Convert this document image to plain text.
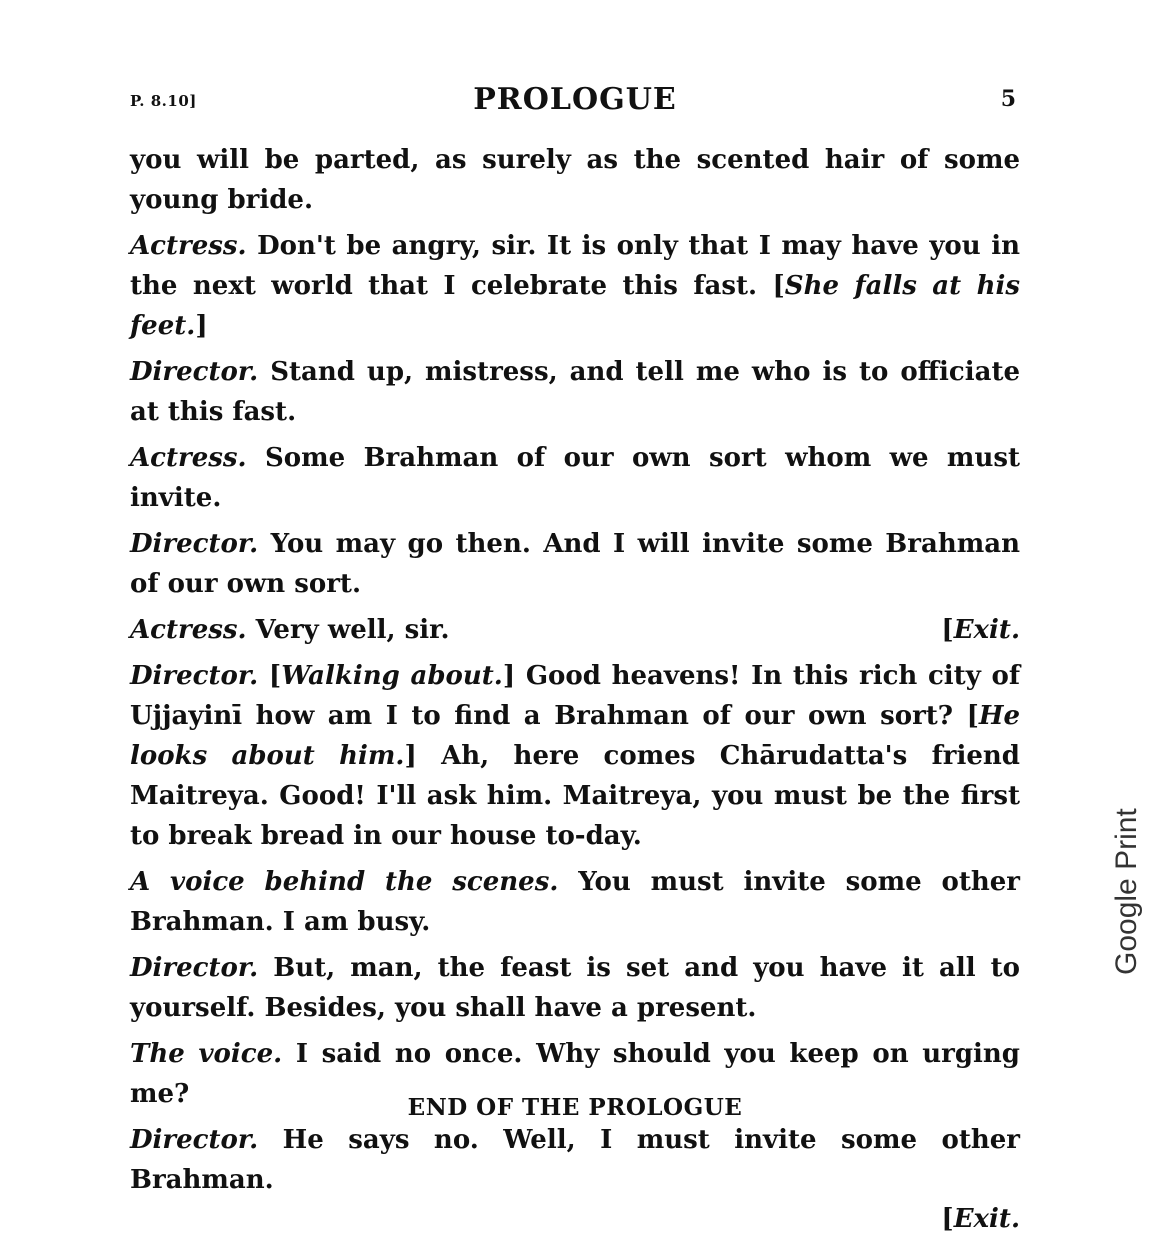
P. 8.10]	PROLOGUE	5

you will be parted, as surely as the scented hair of some young bride.

Actress. Don't be angry, sir. It is only that I may have you in the next world that I celebrate this fast. [She falls at his feet.]

Director. Stand up, mistress, and tell me who is to officiate at this fast.

Actress. Some Brahman of our own sort whom we must invite.

Director. You may go then. And I will invite some Brahman of our own sort.

Actress. Very well, sir.	[Exit.

Director. [Walking about.] Good heavens! In this rich city of Ujjayinī how am I to find a Brahman of our own sort? [He looks about him.] Ah, here comes Chārudatta's friend Maitreya. Good! I'll ask him. Maitreya, you must be the first to break bread in our house to-day.

A voice behind the scenes. You must invite some other Brahman. I am busy.

Director. But, man, the feast is set and you have it all to yourself. Besides, you shall have a present.

The voice. I said no once. Why should you keep on urging me?

Director. He says no. Well, I must invite some other Brahman.

[Exit.

END OF THE PROLOGUE
Google Print
